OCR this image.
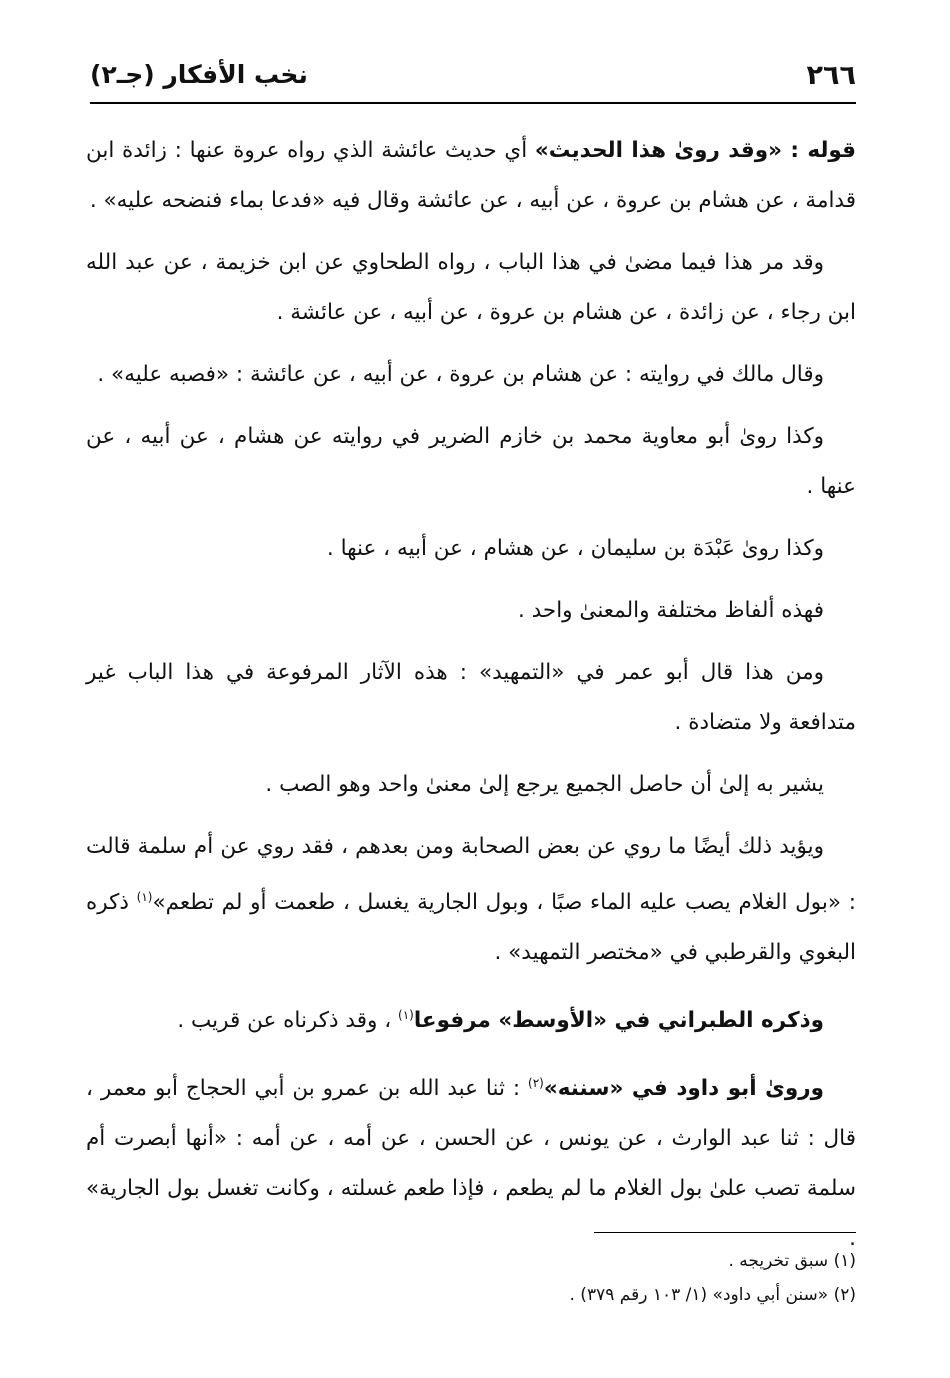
٢٦٦
نخب الأفكار (جـ٢)

قوله : «وقد روىٰ هذا الحديث» أي حديث عائشة الذي رواه عروة عنها : زائدة ابن قدامة ، عن هشام بن عروة ، عن أبيه ، عن عائشة وقال فيه «فدعا بماء فنضحه عليه» .

وقد مر هذا فيما مضىٰ في هذا الباب ، رواه الطحاوي عن ابن خزيمة ، عن عبد الله ابن رجاء ، عن زائدة ، عن هشام بن عروة ، عن أبيه ، عن عائشة .

وقال مالك في روايته : عن هشام بن عروة ، عن أبيه ، عن عائشة : «فصبه عليه» .

وكذا روىٰ أبو معاوية محمد بن خازم الضرير في روايته عن هشام ، عن أبيه ، عن عنها .

وكذا روىٰ عَبْدَة بن سليمان ، عن هشام ، عن أبيه ، عنها .

فهذه ألفاظ مختلفة والمعنىٰ واحد .

ومن هذا قال أبو عمر في «التمهيد» : هذه الآثار المرفوعة في هذا الباب غير متدافعة ولا متضادة .

يشير به إلىٰ أن حاصل الجميع يرجع إلىٰ معنىٰ واحد وهو الصب .

ويؤيد ذلك أيضًا ما روي عن بعض الصحابة ومن بعدهم ، فقد روي عن أم سلمة قالت : «بول الغلام يصب عليه الماء صبًا ، وبول الجارية يغسل ، طعمت أو لم تطعم»$^{(١)}$ ذكره البغوي والقرطبي في «مختصر التمهيد» .

وذكره الطبراني في «الأوسط» مرفوعا$^{(١)}$ ، وقد ذكرناه عن قريب .

وروىٰ أبو داود في «سننه»$^{(٢)}$ : ثنا عبد الله بن عمرو بن أبي الحجاج أبو معمر ، قال : ثنا عبد الوارث ، عن يونس ، عن الحسن ، عن أمه ، عن أمه : «أنها أبصرت أم سلمة تصب علىٰ بول الغلام ما لم يطعم ، فإذا طعم غسلته ، وكانت تغسل بول الجارية» .

(١) سبق تخريجه .
(٢) «سنن أبي داود» (١/ ١٠٣ رقم ٣٧٩) .
